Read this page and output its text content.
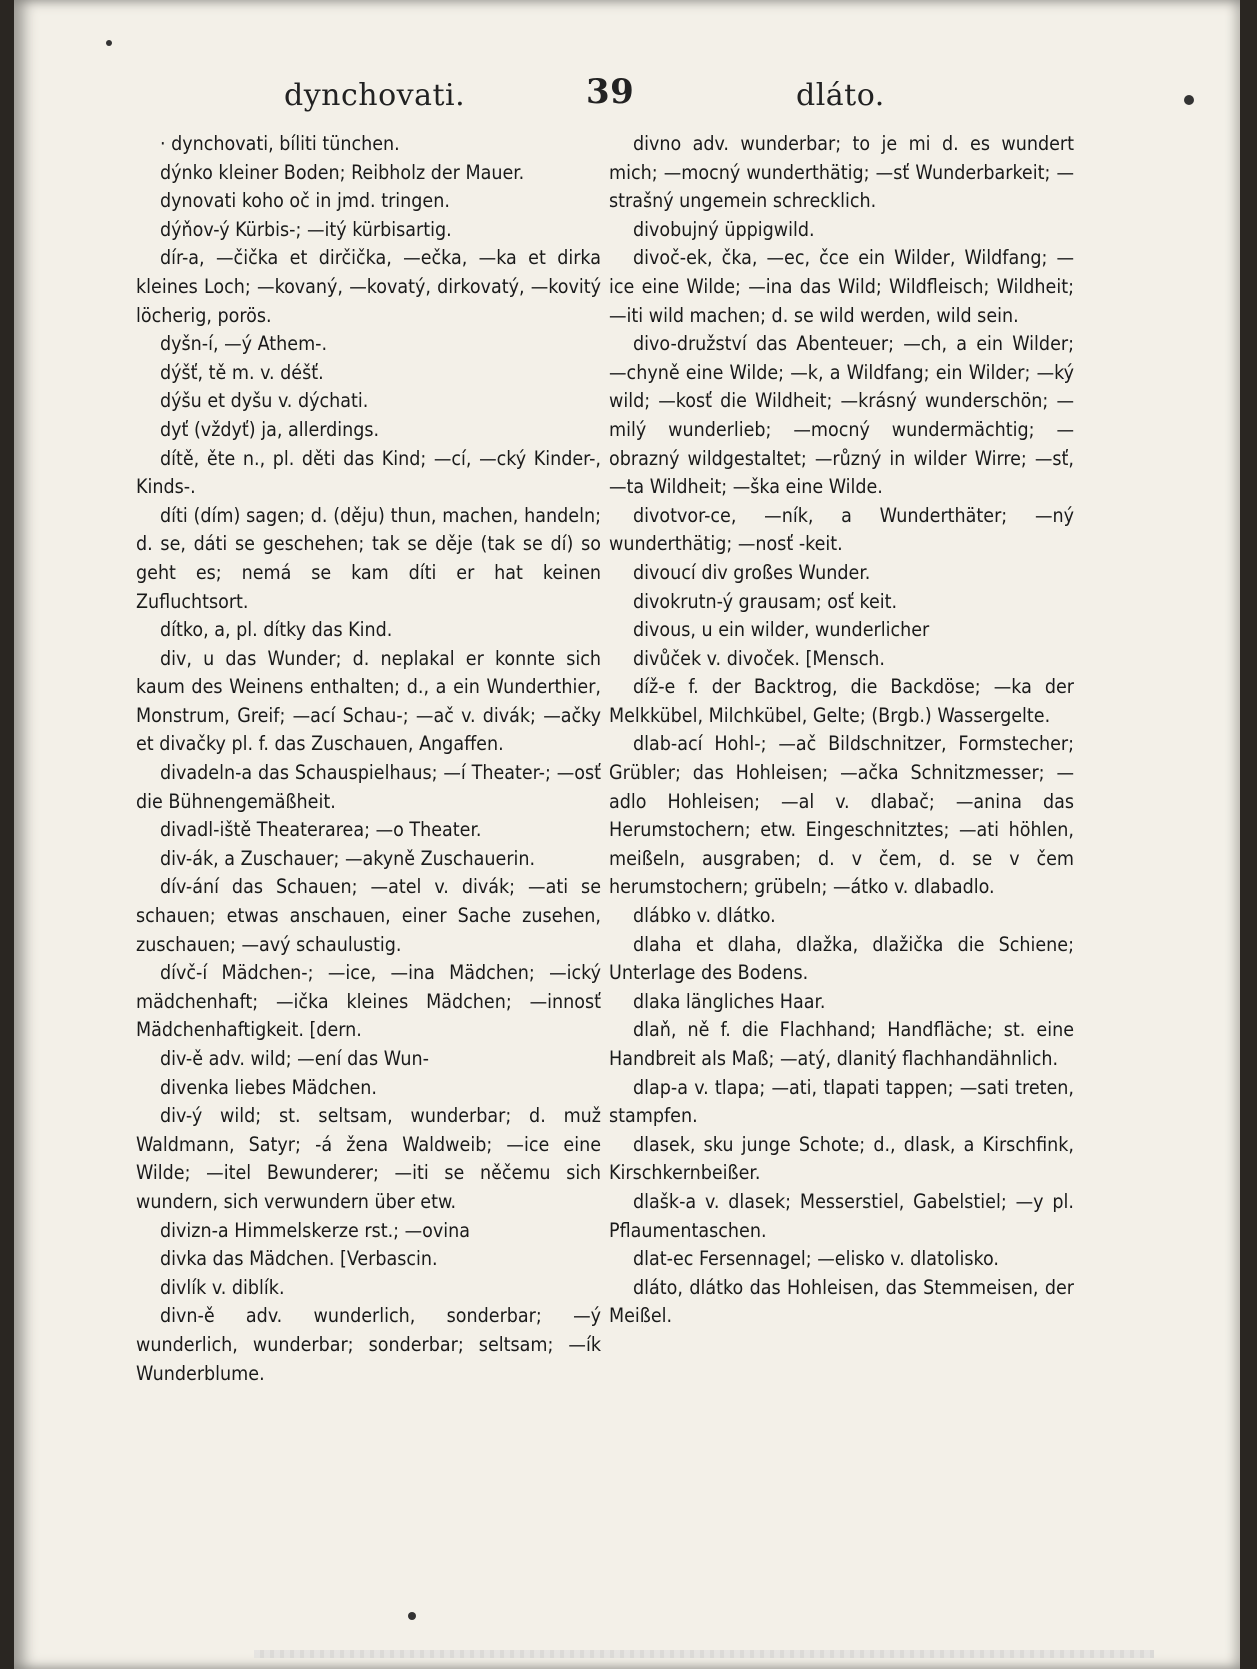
dynchovati.	39	dláto.

· dynchovati, bíliti tünchen.

dýnko kleiner Boden; Reibholz der Mauer.

dynovati koho oč in jmd. tringen.

dýňov-ý Kürbis-; —itý kürbisartig.

dír-a, —čička et dirčička, —ečka, —ka et dirka kleines Loch; —kovaný, —kovatý, dirkovatý, —kovitý löcherig, porös.

dyšn-í, —ý Athem-.

dýšť, tě m. v. déšť.

dýšu et dyšu v. dýchati.

dyť (vždyť) ja, allerdings.

dítě, ěte n., pl. děti das Kind; —cí, —cký Kinder-, Kinds-.

díti (dím) sagen; d. (děju) thun, machen, handeln; d. se, dáti se geschehen; tak se děje (tak se dí) so geht es; nemá se kam díti er hat keinen Zufluchtsort.

dítko, a, pl. dítky das Kind.

div, u das Wunder; d. neplakal er konnte sich kaum des Weinens enthalten; d., a ein Wunderthier, Monstrum, Greif; —ací Schau-; —ač v. divák; —ačky et divačky pl. f. das Zuschauen, Angaffen.

divadeln-a das Schauspielhaus; —í Theater-; —osť die Bühnengemäßheit.

divadl-iště Theaterarea; —o Theater.

div-ák, a Zuschauer; —akyně Zuschauerin.

dív-ání das Schauen; —atel v. divák; —ati se schauen; etwas anschauen, einer Sache zusehen, zuschauen; —avý schaulustig.

dívč-í Mädchen-; —ice, —ina Mädchen; —ický mädchenhaft; —ička kleines Mädchen; —innosť Mädchenhaftigkeit. [dern.

div-ě adv. wild; —ení das Wun-

divenka liebes Mädchen.

div-ý wild; st. seltsam, wunderbar; d. muž Waldmann, Satyr; -á žena Waldweib; —ice eine Wilde; —itel Bewunderer; —iti se něčemu sich wundern, sich verwundern über etw.

divizn-a Himmelskerze rst.; —ovina

divka das Mädchen. [Verbascin.

divlík v. diblík.

divn-ě adv. wunderlich, sonderbar; —ý wunderlich, wunderbar; sonderbar; seltsam; —ík Wunderblume.

divno adv. wunderbar; to je mi d. es wundert mich; —mocný wunderthätig; —sť Wunderbarkeit; —strašný ungemein schrecklich.

divobujný üppigwild.

divoč-ek, čka, —ec, čce ein Wilder, Wildfang; —ice eine Wilde; —ina das Wild; Wildfleisch; Wildheit; —iti wild machen; d. se wild werden, wild sein.

divo-družství das Abenteuer; —ch, a ein Wilder; —chyně eine Wilde; —k, a Wildfang; ein Wilder; —ký wild; —kosť die Wildheit; —krásný wunderschön; —milý wunderlieb; —mocný wundermächtig; —obrazný wildgestaltet; —různý in wilder Wirre; —sť, —ta Wildheit; —ška eine Wilde.

divotvor-ce, —ník, a Wunderthäter; —ný wunderthätig; —nosť -keit.

divoucí div großes Wunder.

divokrutn-ý grausam; osť keit.

divous, u ein wilder, wunderlicher

divůček v. divoček. [Mensch.

díž-e f. der Backtrog, die Backdöse; —ka der Melkkübel, Milchkübel, Gelte; (Brgb.) Wassergelte.

dlab-ací Hohl-; —ač Bildschnitzer, Formstecher; Grübler; das Hohleisen; —ačka Schnitzmesser; —adlo Hohleisen; —al v. dlabač; —anina das Herumstochern; etw. Eingeschnitztes; —ati höhlen, meißeln, ausgraben; d. v čem, d. se v čem herumstochern; grübeln; —átko v. dlabadlo.

dlábko v. dlátko.

dlaha et dlaha, dlažka, dlažička die Schiene; Unterlage des Bodens.

dlaka längliches Haar.

dlaň, ně f. die Flachhand; Handfläche; st. eine Handbreit als Maß; —atý, dlanitý flachhandähnlich.

dlap-a v. tlapa; —ati, tlapati tappen; —sati treten, stampfen.

dlasek, sku junge Schote; d., dlask, a Kirschfink, Kirschkernbeißer.

dlašk-a v. dlasek; Messerstiel, Gabelstiel; —y pl. Pflaumentaschen.

dlat-ec Fersennagel; —elisko v. dlatolisko.

dláto, dlátko das Hohleisen, das Stemmeisen, der Meißel.
